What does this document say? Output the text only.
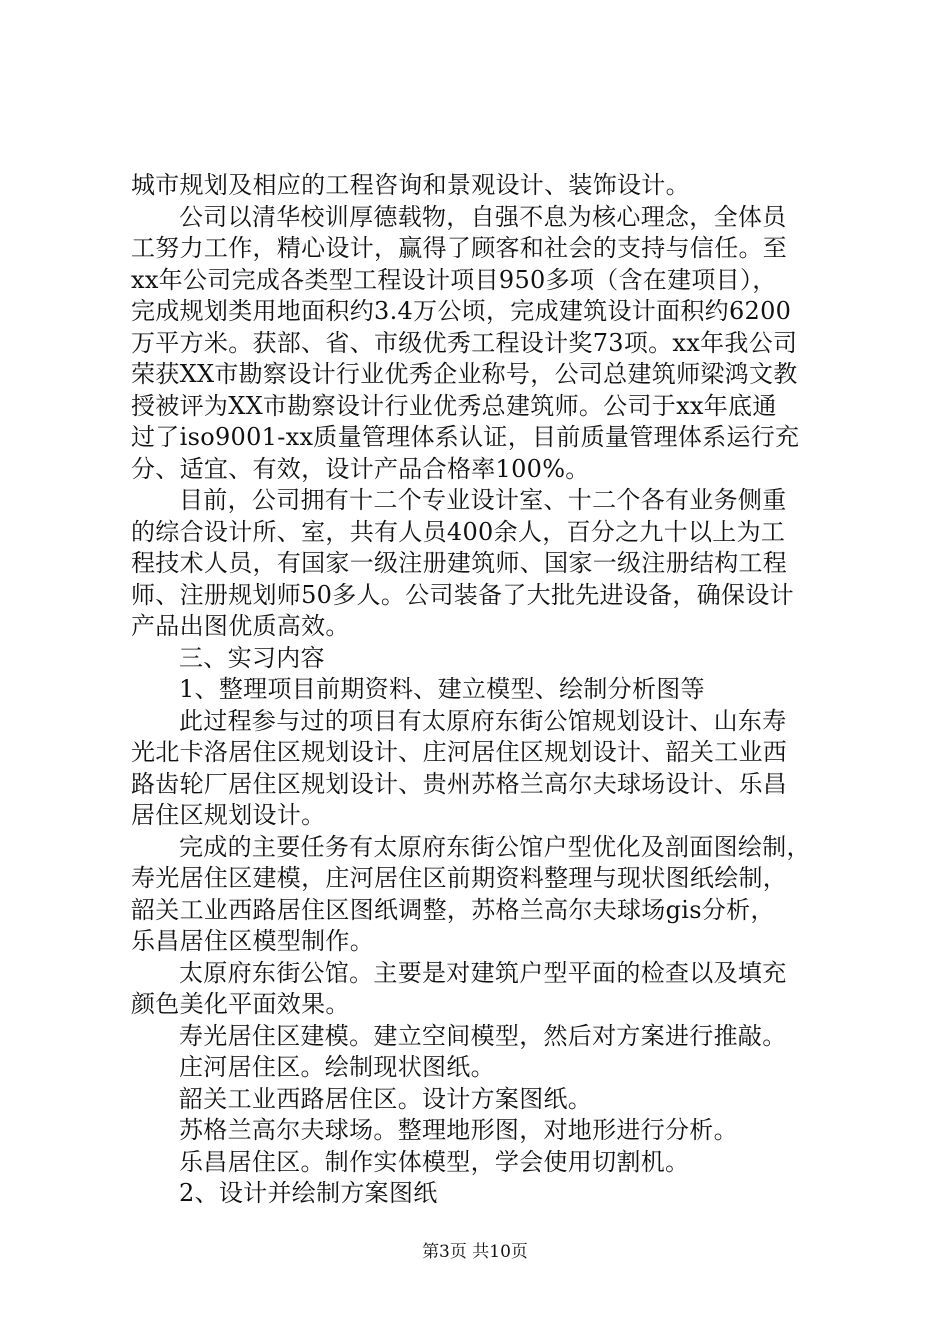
城市规划及相应的工程咨询和景观设计、装饰设计。
公司以清华校训厚德载物，自强不息为核心理念，全体员
工努力工作，精心设计，赢得了顾客和社会的支持与信任。至
xx年公司完成各类型工程设计项目950多项（含在建项目），
完成规划类用地面积约3.4万公顷，完成建筑设计面积约6200
万平方米。获部、省、市级优秀工程设计奖73项。xx年我公司
荣获XX市勘察设计行业优秀企业称号，公司总建筑师梁鸿文教
授被评为XX市勘察设计行业优秀总建筑师。公司于xx年底通
过了iso9001-xx质量管理体系认证，目前质量管理体系运行充
分、适宜、有效，设计产品合格率100%。
目前，公司拥有十二个专业设计室、十二个各有业务侧重
的综合设计所、室，共有人员400余人，百分之九十以上为工
程技术人员，有国家一级注册建筑师、国家一级注册结构工程
师、注册规划师50多人。公司装备了大批先进设备，确保设计
产品出图优质高效。
三、实习内容
1、整理项目前期资料、建立模型、绘制分析图等
此过程参与过的项目有太原府东街公馆规划设计、山东寿
光北卡洛居住区规划设计、庄河居住区规划设计、韶关工业西
路齿轮厂居住区规划设计、贵州苏格兰高尔夫球场设计、乐昌
居住区规划设计。
完成的主要任务有太原府东街公馆户型优化及剖面图绘制，
寿光居住区建模，庄河居住区前期资料整理与现状图纸绘制，
韶关工业西路居住区图纸调整，苏格兰高尔夫球场gis分析，
乐昌居住区模型制作。
太原府东街公馆。主要是对建筑户型平面的检查以及填充
颜色美化平面效果。
寿光居住区建模。建立空间模型，然后对方案进行推敲。
庄河居住区。绘制现状图纸。
韶关工业西路居住区。设计方案图纸。
苏格兰高尔夫球场。整理地形图，对地形进行分析。
乐昌居住区。制作实体模型，学会使用切割机。
2、设计并绘制方案图纸
第3页 共10页
